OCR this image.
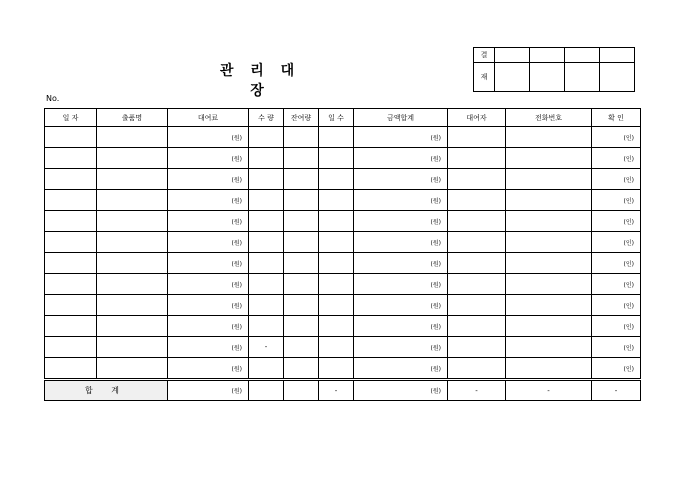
관 리 대 장
No.
결				
재				
일 자	출품명	대여료	수 량	잔여량	일 수	금액합계	대여자	전화번호	확 인
		(원)				(원)			(인)
		(원)				(원)			(인)
		(원)				(원)			(인)
		(원)				(원)			(인)
		(원)				(원)			(인)
		(원)				(원)			(인)
		(원)				(원)			(인)
		(원)				(원)			(인)
		(원)				(원)			(인)
		(원)				(원)			(인)
		(원)	-			(원)			(인)
		(원)				(원)			(인)
합 계		(원)			-	(원)	-	-	-
